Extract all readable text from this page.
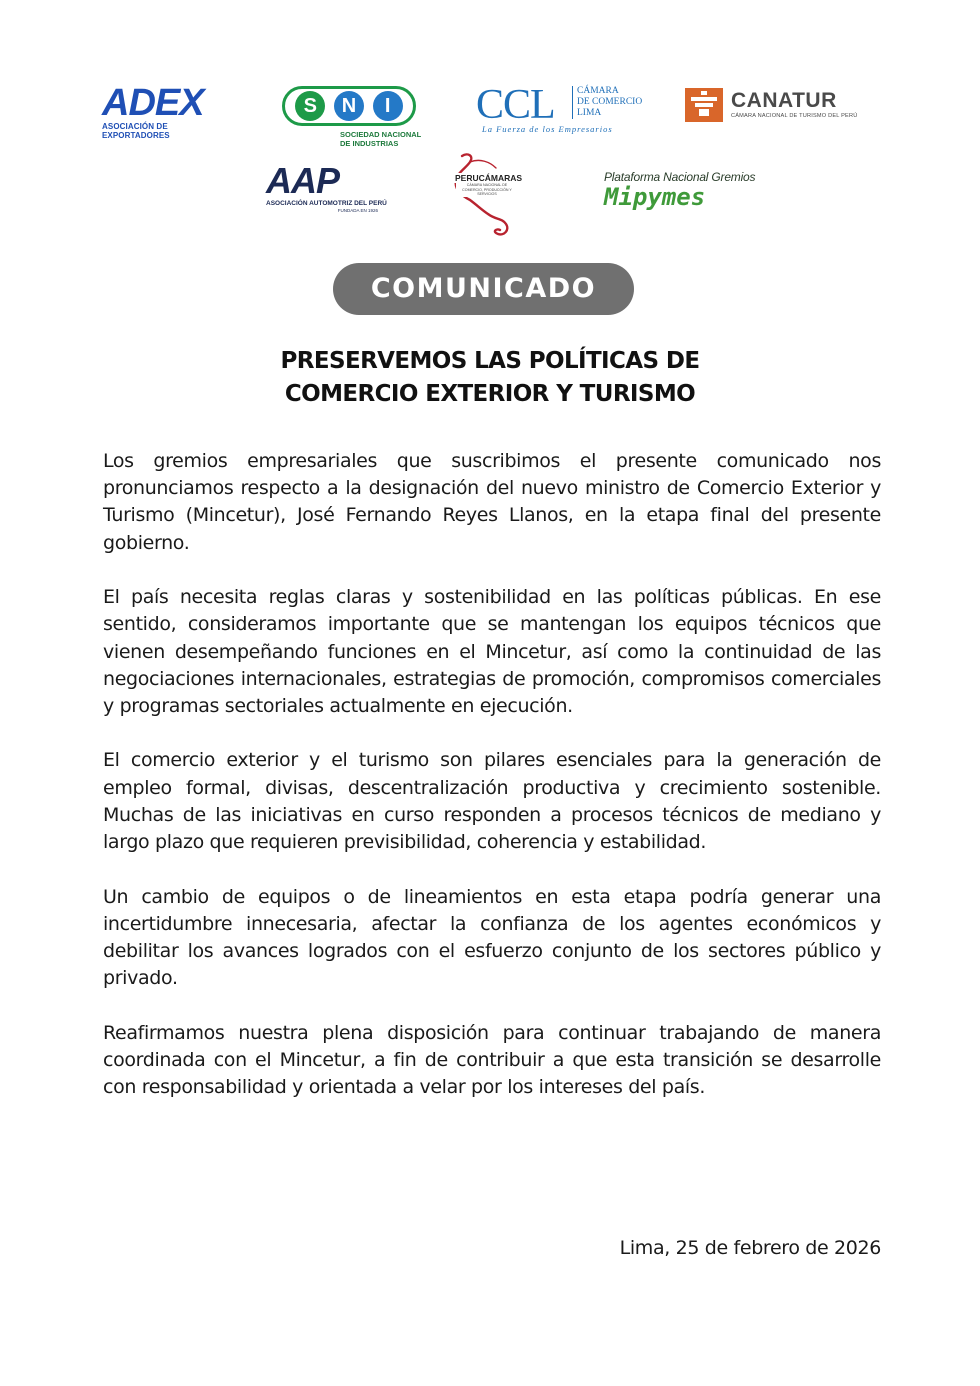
ADEX
ASOCIACIÓN DE EXPORTADORES
S	N	I
SOCIEDAD NACIONAL
DE INDUSTRIAS
CCL CÁMARA
DE COMERCIO
LIMA
La Fuerza de los Empresarios
CANATUR
CÁMARA NACIONAL DE TURISMO DEL PERÚ
AAP
ASOCIACIÓN AUTOMOTRIZ DEL PERÚ
FUNDADA EN 1926
PERUCÁMARAS
CÁMARA NACIONAL DE COMERCIO, PRODUCCIÓN Y SERVICIOS
Plataforma Nacional Gremios
Mipymes
COMUNICADO
PRESERVEMOS LAS POLÍTICAS DE
COMERCIO EXTERIOR Y TURISMO

Los gremios empresariales que suscribimos el presente comunicado nos pronunciamos respecto a la designación del nuevo ministro de Comercio Exterior y Turismo (Mincetur), José Fernando Reyes Llanos, en la etapa final del presente gobierno.

El país necesita reglas claras y sostenibilidad en las políticas públicas. En ese sentido, consideramos importante que se mantengan los equipos técnicos que vienen desempeñando funciones en el Mincetur, así como la continuidad de las negociaciones internacionales, estrategias de promoción, compromisos comerciales y programas sectoriales actualmente en ejecución.

El comercio exterior y el turismo son pilares esenciales para la generación de empleo formal, divisas, descentralización productiva y crecimiento sostenible. Muchas de las iniciativas en curso responden a procesos técnicos de mediano y largo plazo que requieren previsibilidad, coherencia y estabilidad.

Un cambio de equipos o de lineamientos en esta etapa podría generar una incertidumbre innecesaria, afectar la confianza de los agentes económicos y debilitar los avances logrados con el esfuerzo conjunto de los sectores público y privado.

Reafirmamos nuestra plena disposición para continuar trabajando de manera coordinada con el Mincetur, a fin de contribuir a que esta transición se desarrolle con responsabilidad y orientada a velar por los intereses del país.

Lima, 25 de febrero de 2026
